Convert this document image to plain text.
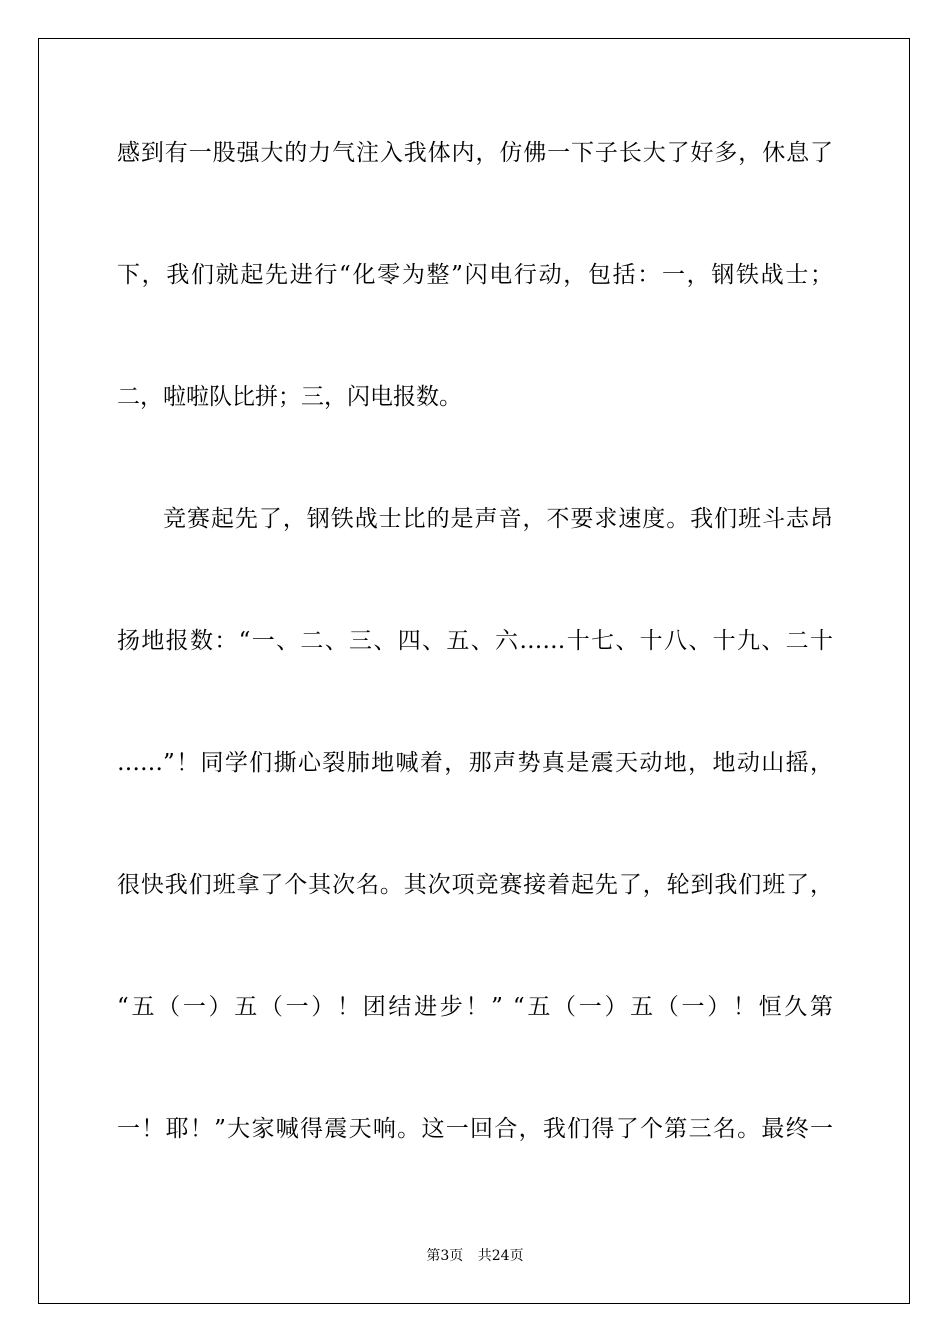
感到有一股强大的力气注入我体内，仿佛一下子长大了好多，休息了
下，我们就起先进行“化零为整”闪电行动，包括：一，钢铁战士；
二，啦啦队比拼；三，闪电报数。
竞赛起先了，钢铁战士比的是声音，不要求速度。我们班斗志昂
扬地报数：“一、二、三、四、五、六……十七、十八、十九、二十
……”！同学们撕心裂肺地喊着，那声势真是震天动地，地动山摇，
很快我们班拿了个其次名。其次项竞赛接着起先了，轮到我们班了，
“五（一）五（一）！团结进步！” “五（一）五（一）！恒久第
一！耶！”大家喊得震天响。这一回合，我们得了个第三名。最终一
第3页 共24页
